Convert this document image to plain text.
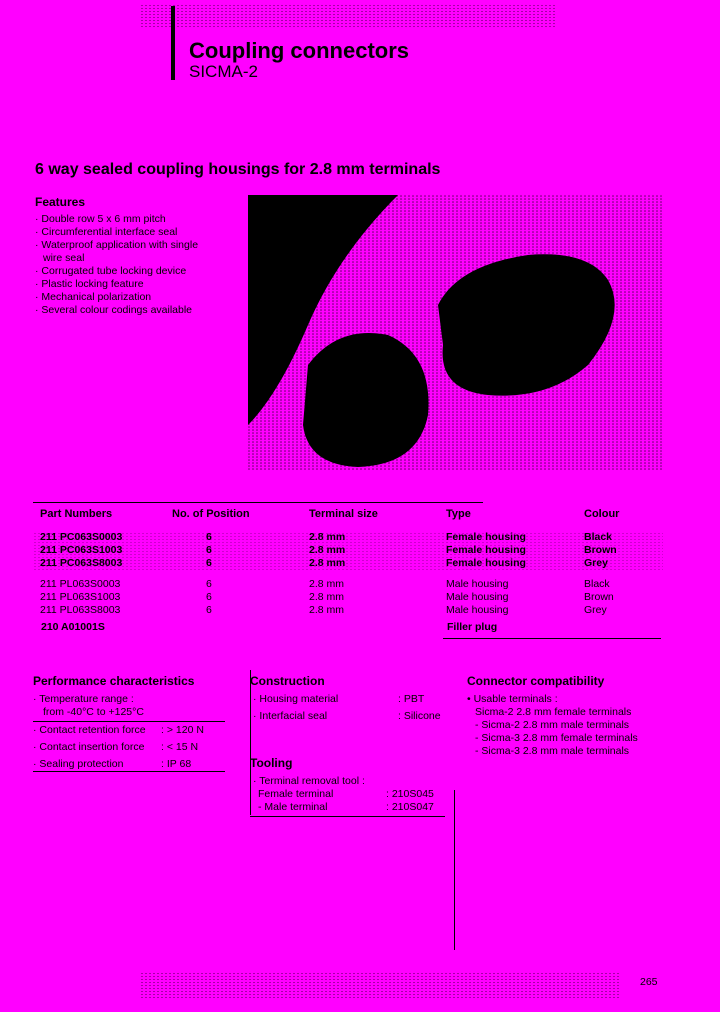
Coupling connectors
SICMA-2
6 way sealed coupling housings for 2.8 mm terminals
Features
· Double row 5 x 6 mm pitch
· Circumferential interface seal
· Waterproof application with single wire seal
· Corrugated tube locking device
· Plastic locking feature
· Mechanical polarization
· Several colour codings available
Part Numbers	No. of Position	Terminal size	Type	Colour
211 PC063S0003	6	2.8 mm	Female housing	Black
211 PC063S1003	6	2.8 mm	Female housing	Brown
211 PC063S8003	6	2.8 mm	Female housing	Grey
211 PL063S0003	6	2.8 mm	Male housing	Black
211 PL063S1003	6	2.8 mm	Male housing	Brown
211 PL063S8003	6	2.8 mm	Male housing	Grey
210 A01001S			Filler plug	
Performance characteristics
· Temperature range :
from -40°C to +125°C
· Contact retention force	: > 120 N
· Contact insertion force	: < 15 N
· Sealing protection	: IP 68
Construction
· Housing material	: PBT
· Interfacial seal	: Silicone
Tooling
· Terminal removal tool :
Female terminal	: 210S045
- Male terminal	: 210S047
Connector compatibility
• Usable terminals :
Sicma-2 2.8 mm female terminals
- Sicma-2 2.8 mm male terminals
- Sicma-3 2.8 mm female terminals
- Sicma-3 2.8 mm male terminals
265
